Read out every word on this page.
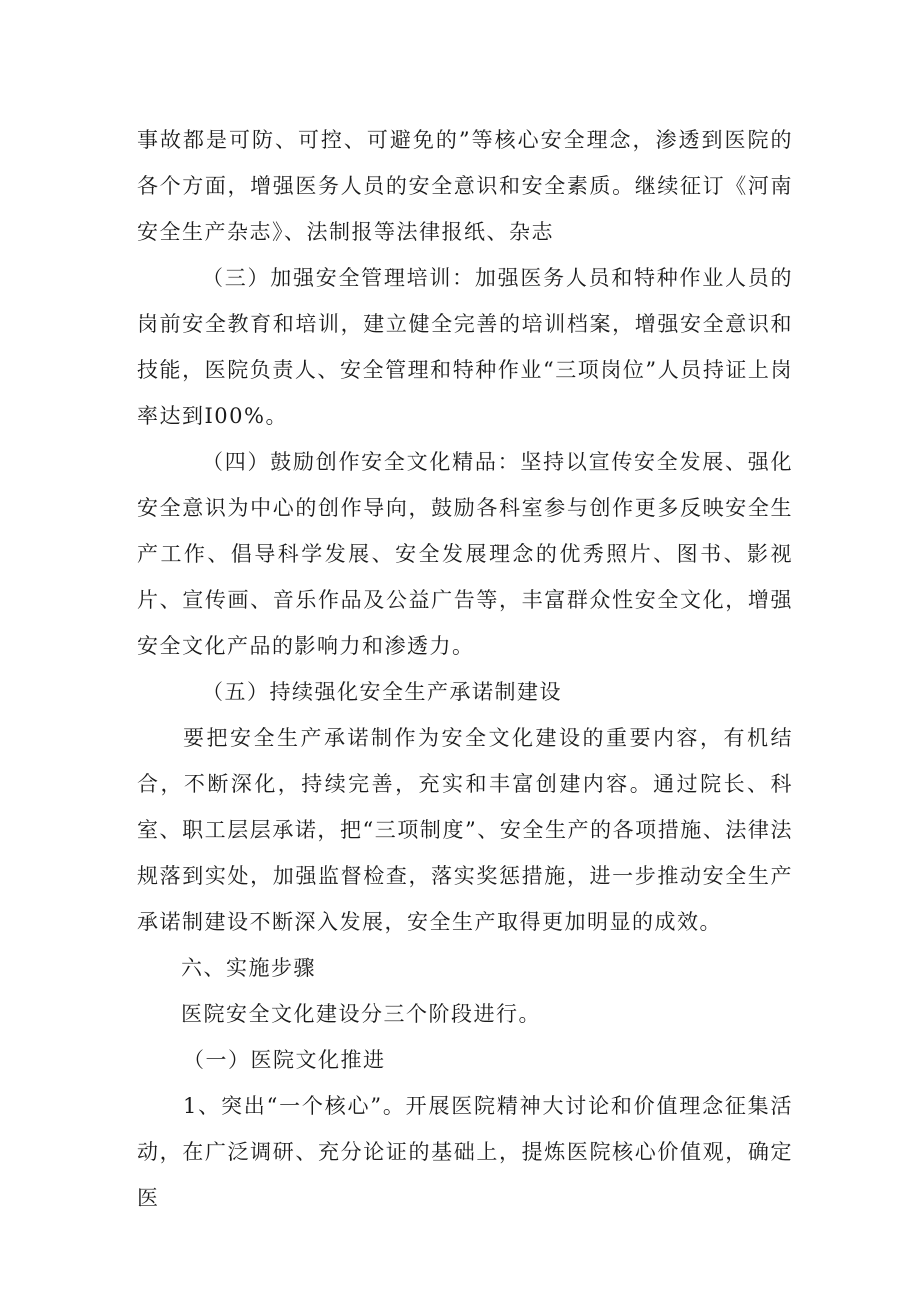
事故都是可防、可控、可避免的”等核心安全理念，渗透到医院的各个方面，增强医务人员的安全意识和安全素质。继续征订《河南安全生产杂志》、法制报等法律报纸、杂志

（三）加强安全管理培训：加强医务人员和特种作业人员的岗前安全教育和培训，建立健全完善的培训档案，增强安全意识和技能，医院负责人、安全管理和特种作业“三项岗位”人员持证上岗率达到I00%。

（四）鼓励创作安全文化精品：坚持以宣传安全发展、强化安全意识为中心的创作导向，鼓励各科室参与创作更多反映安全生产工作、倡导科学发展、安全发展理念的优秀照片、图书、影视片、宣传画、音乐作品及公益广告等，丰富群众性安全文化，增强安全文化产品的影响力和渗透力。

（五）持续强化安全生产承诺制建设

要把安全生产承诺制作为安全文化建设的重要内容，有机结合，不断深化，持续完善，充实和丰富创建内容。通过院长、科室、职工层层承诺，把“三项制度”、安全生产的各项措施、法律法规落到实处，加强监督检查，落实奖惩措施，进一步推动安全生产承诺制建设不断深入发展，安全生产取得更加明显的成效。

六、实施步骤

医院安全文化建设分三个阶段进行。

（一）医院文化推进

1、突出“一个核心”。开展医院精神大讨论和价值理念征集活动，在广泛调研、充分论证的基础上，提炼医院核心价值观，确定医
